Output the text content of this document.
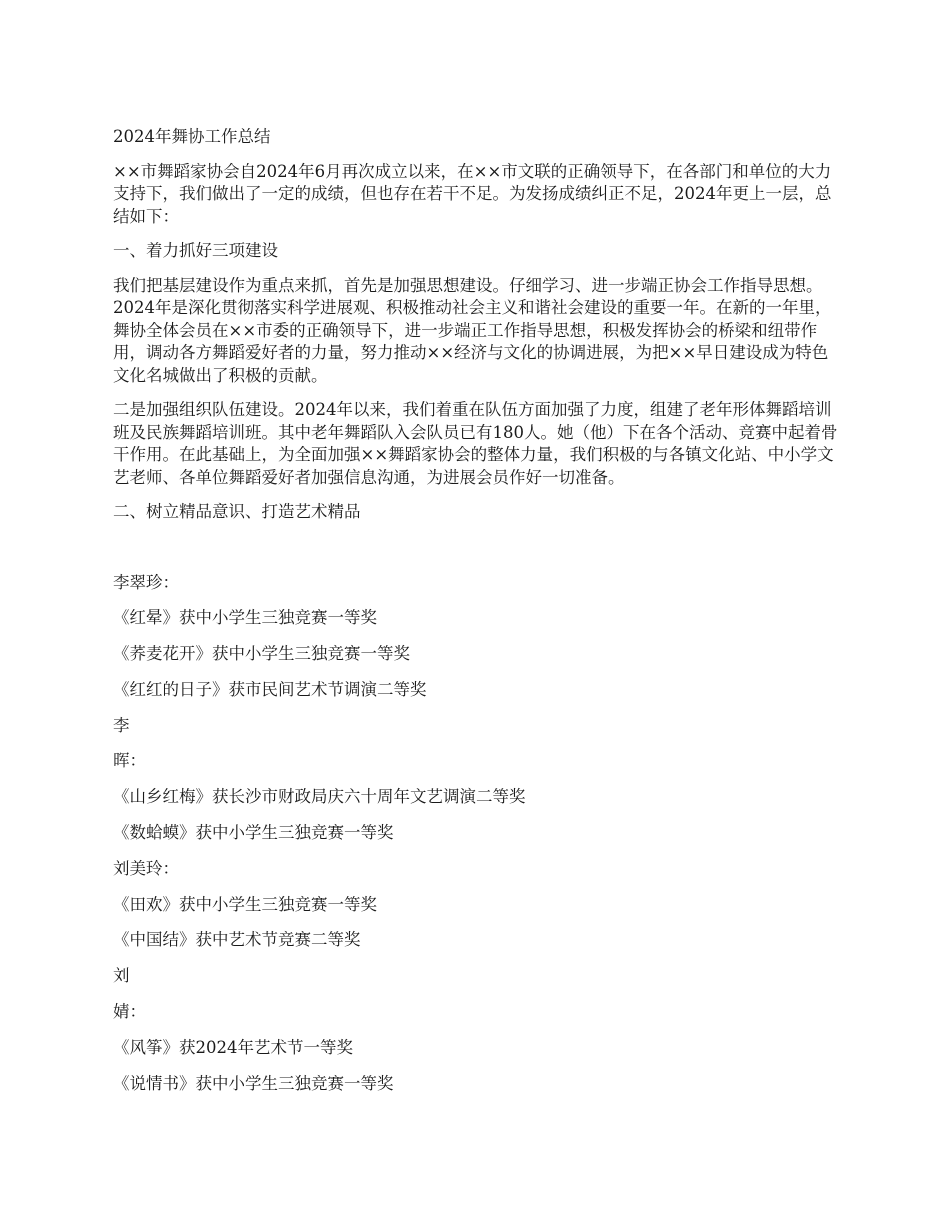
2024年舞协工作总结

××市舞蹈家协会自2024年6月再次成立以来，在××市文联的正确领导下，在各部门和单位的大力支持下，我们做出了一定的成绩，但也存在若干不足。为发扬成绩纠正不足，2024年更上一层，总结如下：

一、着力抓好三项建设

我们把基层建设作为重点来抓，首先是加强思想建设。仔细学习、进一步端正协会工作指导思想。2024年是深化贯彻落实科学进展观、积极推动社会主义和谐社会建设的重要一年。在新的一年里，舞协全体会员在××市委的正确领导下，进一步端正工作指导思想，积极发挥协会的桥梁和纽带作用，调动各方舞蹈爱好者的力量，努力推动××经济与文化的协调进展，为把××早日建设成为特色文化名城做出了积极的贡献。

二是加强组织队伍建设。2024年以来，我们着重在队伍方面加强了力度，组建了老年形体舞蹈培训班及民族舞蹈培训班。其中老年舞蹈队入会队员已有180人。她（他）下在各个活动、竞赛中起着骨干作用。在此基础上，为全面加强××舞蹈家协会的整体力量，我们积极的与各镇文化站、中小学文艺老师、各单位舞蹈爱好者加强信息沟通，为进展会员作好一切准备。

二、树立精品意识、打造艺术精品

李翠珍：

《红晕》获中小学生三独竞赛一等奖

《荞麦花开》获中小学生三独竞赛一等奖

《红红的日子》获市民间艺术节调演二等奖

李

晖：

《山乡红梅》获长沙市财政局庆六十周年文艺调演二等奖

《数蛤蟆》获中小学生三独竞赛一等奖

刘美玲：

《田欢》获中小学生三独竞赛一等奖

《中国结》获中艺术节竞赛二等奖

刘

婧：

《风筝》获2024年艺术节一等奖

《说情书》获中小学生三独竞赛一等奖
